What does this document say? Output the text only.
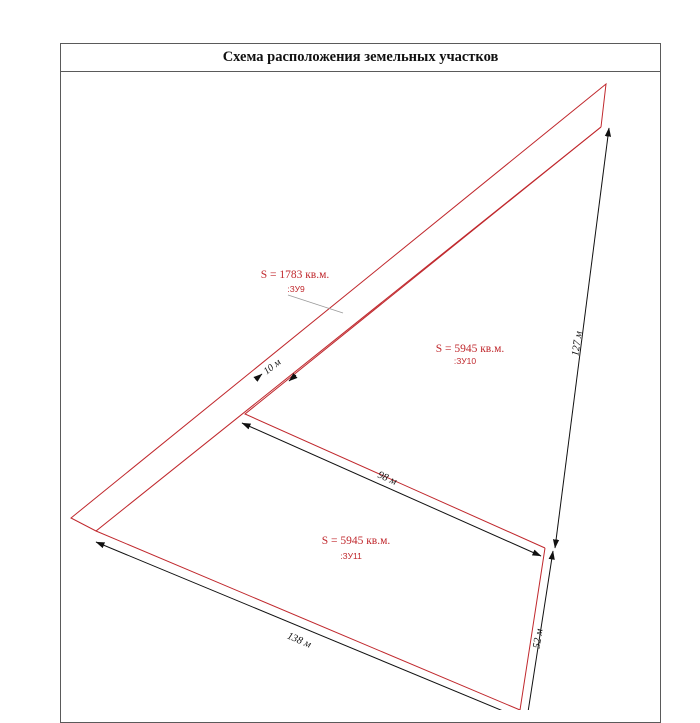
Схема расположения земельных участков
S = 1783 кв.м.
:ЗУ9
S = 5945 кв.м.
:ЗУ10
S = 5945 кв.м.
:ЗУ11
10 м
98 м
127 м
138 м	52 м
